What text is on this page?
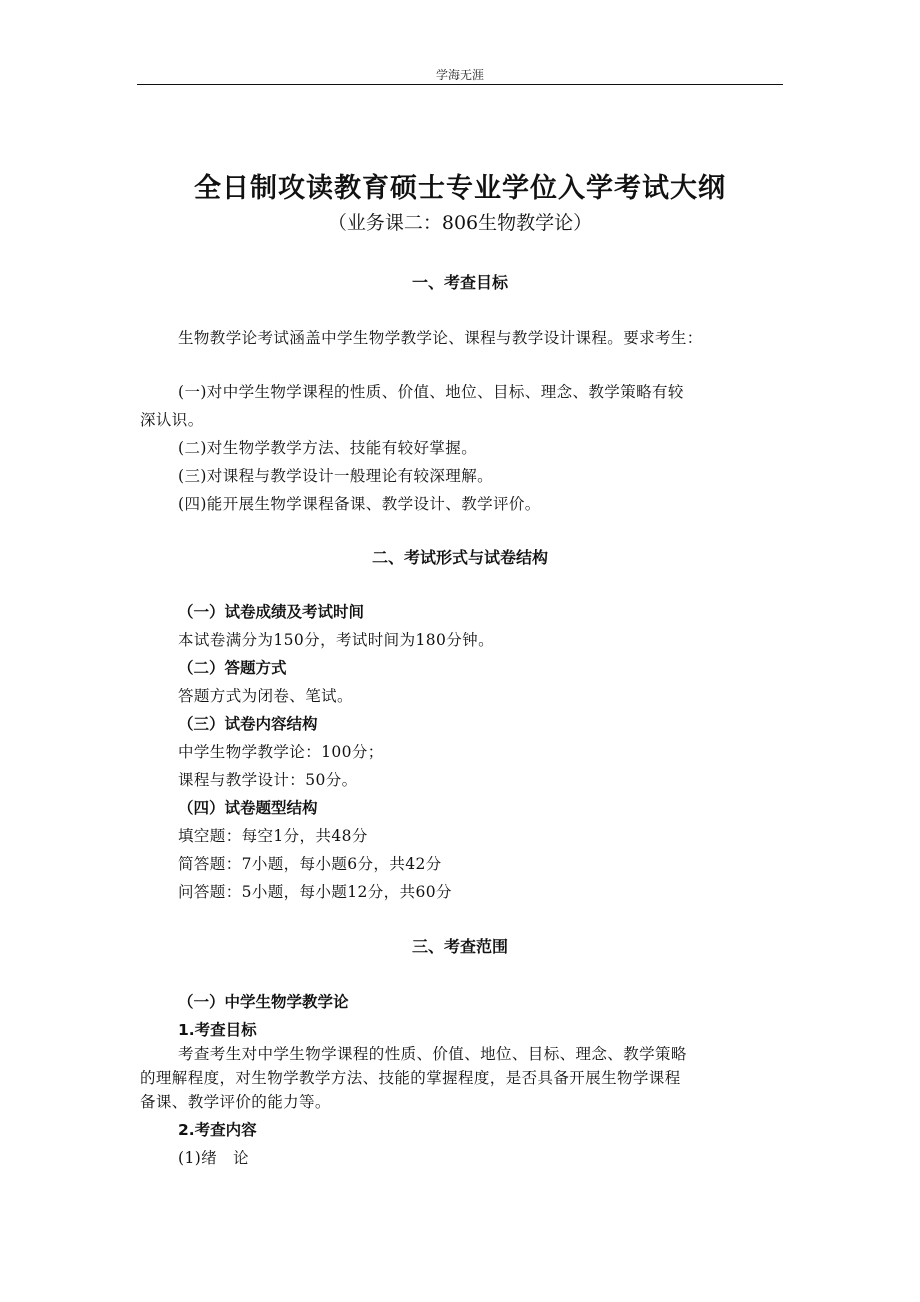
学海无涯
全日制攻读教育硕士专业学位入学考试大纲
（业务课二：806生物教学论）
一、考查目标
生物教学论考试涵盖中学生物学教学论、课程与教学设计课程。要求考生：
(一)对中学生物学课程的性质、价值、地位、目标、理念、教学策略有较
深认识。
(二)对生物学教学方法、技能有较好掌握。
(三)对课程与教学设计一般理论有较深理解。
(四)能开展生物学课程备课、教学设计、教学评价。
二、考试形式与试卷结构
（一）试卷成绩及考试时间
本试卷满分为150分，考试时间为180分钟。
（二）答题方式
答题方式为闭卷、笔试。
（三）试卷内容结构
中学生物学教学论：100分；
课程与教学设计：50分。
（四）试卷题型结构
填空题：每空1分，共48分
简答题：7小题，每小题6分，共42分
问答题：5小题，每小题12分，共60分
三、考查范围
（一）中学生物学教学论
1.考查目标
考查考生对中学生物学课程的性质、价值、地位、目标、理念、教学策略
的理解程度，对生物学教学方法、技能的掌握程度，是否具备开展生物学课程
备课、教学评价的能力等。
2.考查内容
(1)绪　论
